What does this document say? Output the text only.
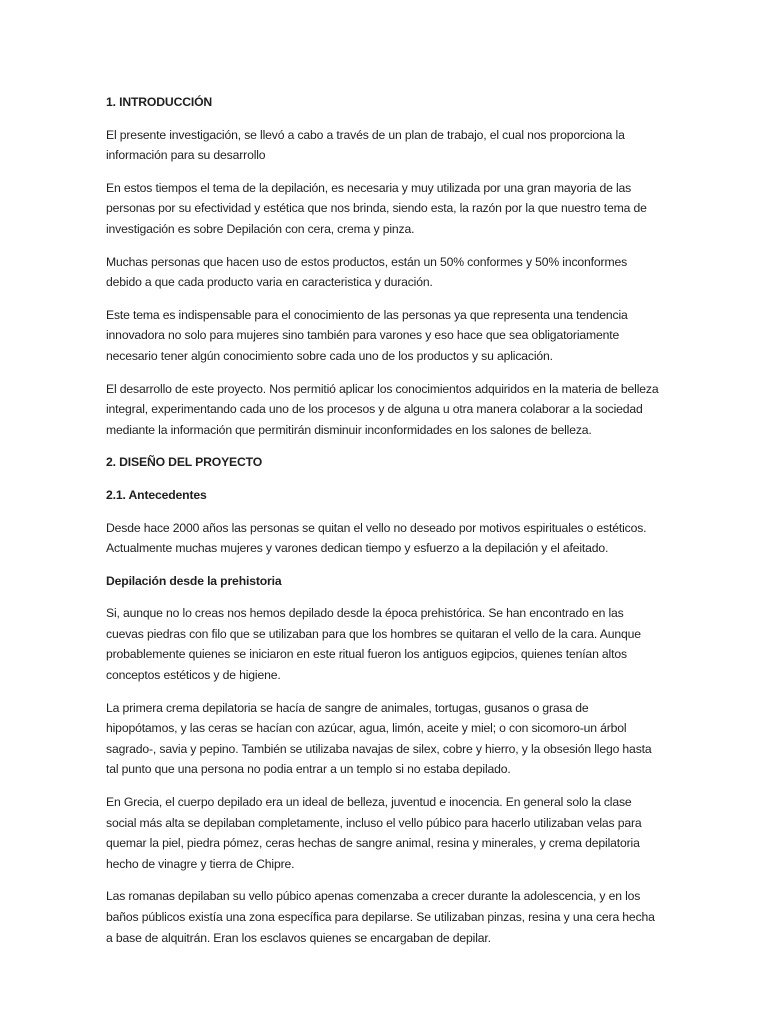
1. INTRODUCCIÓN

El presente investigación, se llevó a cabo a través de un plan de trabajo, el cual nos proporciona la información para su desarrollo

En estos tiempos el tema de la depilación, es necesaria y muy utilizada por una gran mayoria de las personas por su efectividad y estética que nos brinda, siendo esta, la razón por la que nuestro tema de investigación es sobre Depilación con cera, crema y pinza.

Muchas personas que hacen uso de estos productos, están un 50% conformes y 50% inconformes debido a que cada producto varia en caracteristica y duración.

Este tema es indispensable para el conocimiento de las personas ya que representa una tendencia innovadora no solo para mujeres sino también para varones y eso hace que sea obligatoriamente necesario tener algún conocimiento sobre cada uno de los productos y su aplicación.

El desarrollo de este proyecto. Nos permitió aplicar los conocimientos adquiridos en la materia de belleza integral, experimentando cada uno de los procesos y de alguna u otra manera colaborar a la sociedad mediante la información que permitirán disminuir inconformidades en los salones de belleza.

2. DISEÑO DEL PROYECTO
2.1. Antecedentes

Desde hace 2000 años las personas se quitan el vello no deseado por motivos espirituales o estéticos. Actualmente muchas mujeres y varones dedican tiempo y esfuerzo a la depilación y el afeitado.

Depilación desde la prehistoria

Si, aunque no lo creas nos hemos depilado desde la época prehistórica. Se han encontrado en las cuevas piedras con filo que se utilizaban para que los hombres se quitaran el vello de la cara. Aunque probablemente quienes se iniciaron en este ritual fueron los antiguos egipcios, quienes tenían altos conceptos estéticos y de higiene.

La primera crema depilatoria se hacía de sangre de animales, tortugas, gusanos o grasa de hipopótamos, y las ceras se hacían con azúcar, agua, limón, aceite y miel; o con sicomoro-un árbol sagrado-, savia y pepino. También se utilizaba navajas de silex, cobre y hierro, y la obsesión llego hasta tal punto que una persona no podia entrar a un templo si no estaba depilado.

En Grecia, el cuerpo depilado era un ideal de belleza, juventud e inocencia. En general solo la clase social más alta se depilaban completamente, incluso el vello púbico para hacerlo utilizaban velas para quemar la piel, piedra pómez, ceras hechas de sangre animal, resina y minerales, y crema depilatoria hecho de vinagre y tierra de Chipre.

Las romanas depilaban su vello púbico apenas comenzaba a crecer durante la adolescencia, y en los baños públicos existía una zona específica para depilarse. Se utilizaban pinzas, resina y una cera hecha a base de alquitrán. Eran los esclavos quienes se encargaban de depilar.
